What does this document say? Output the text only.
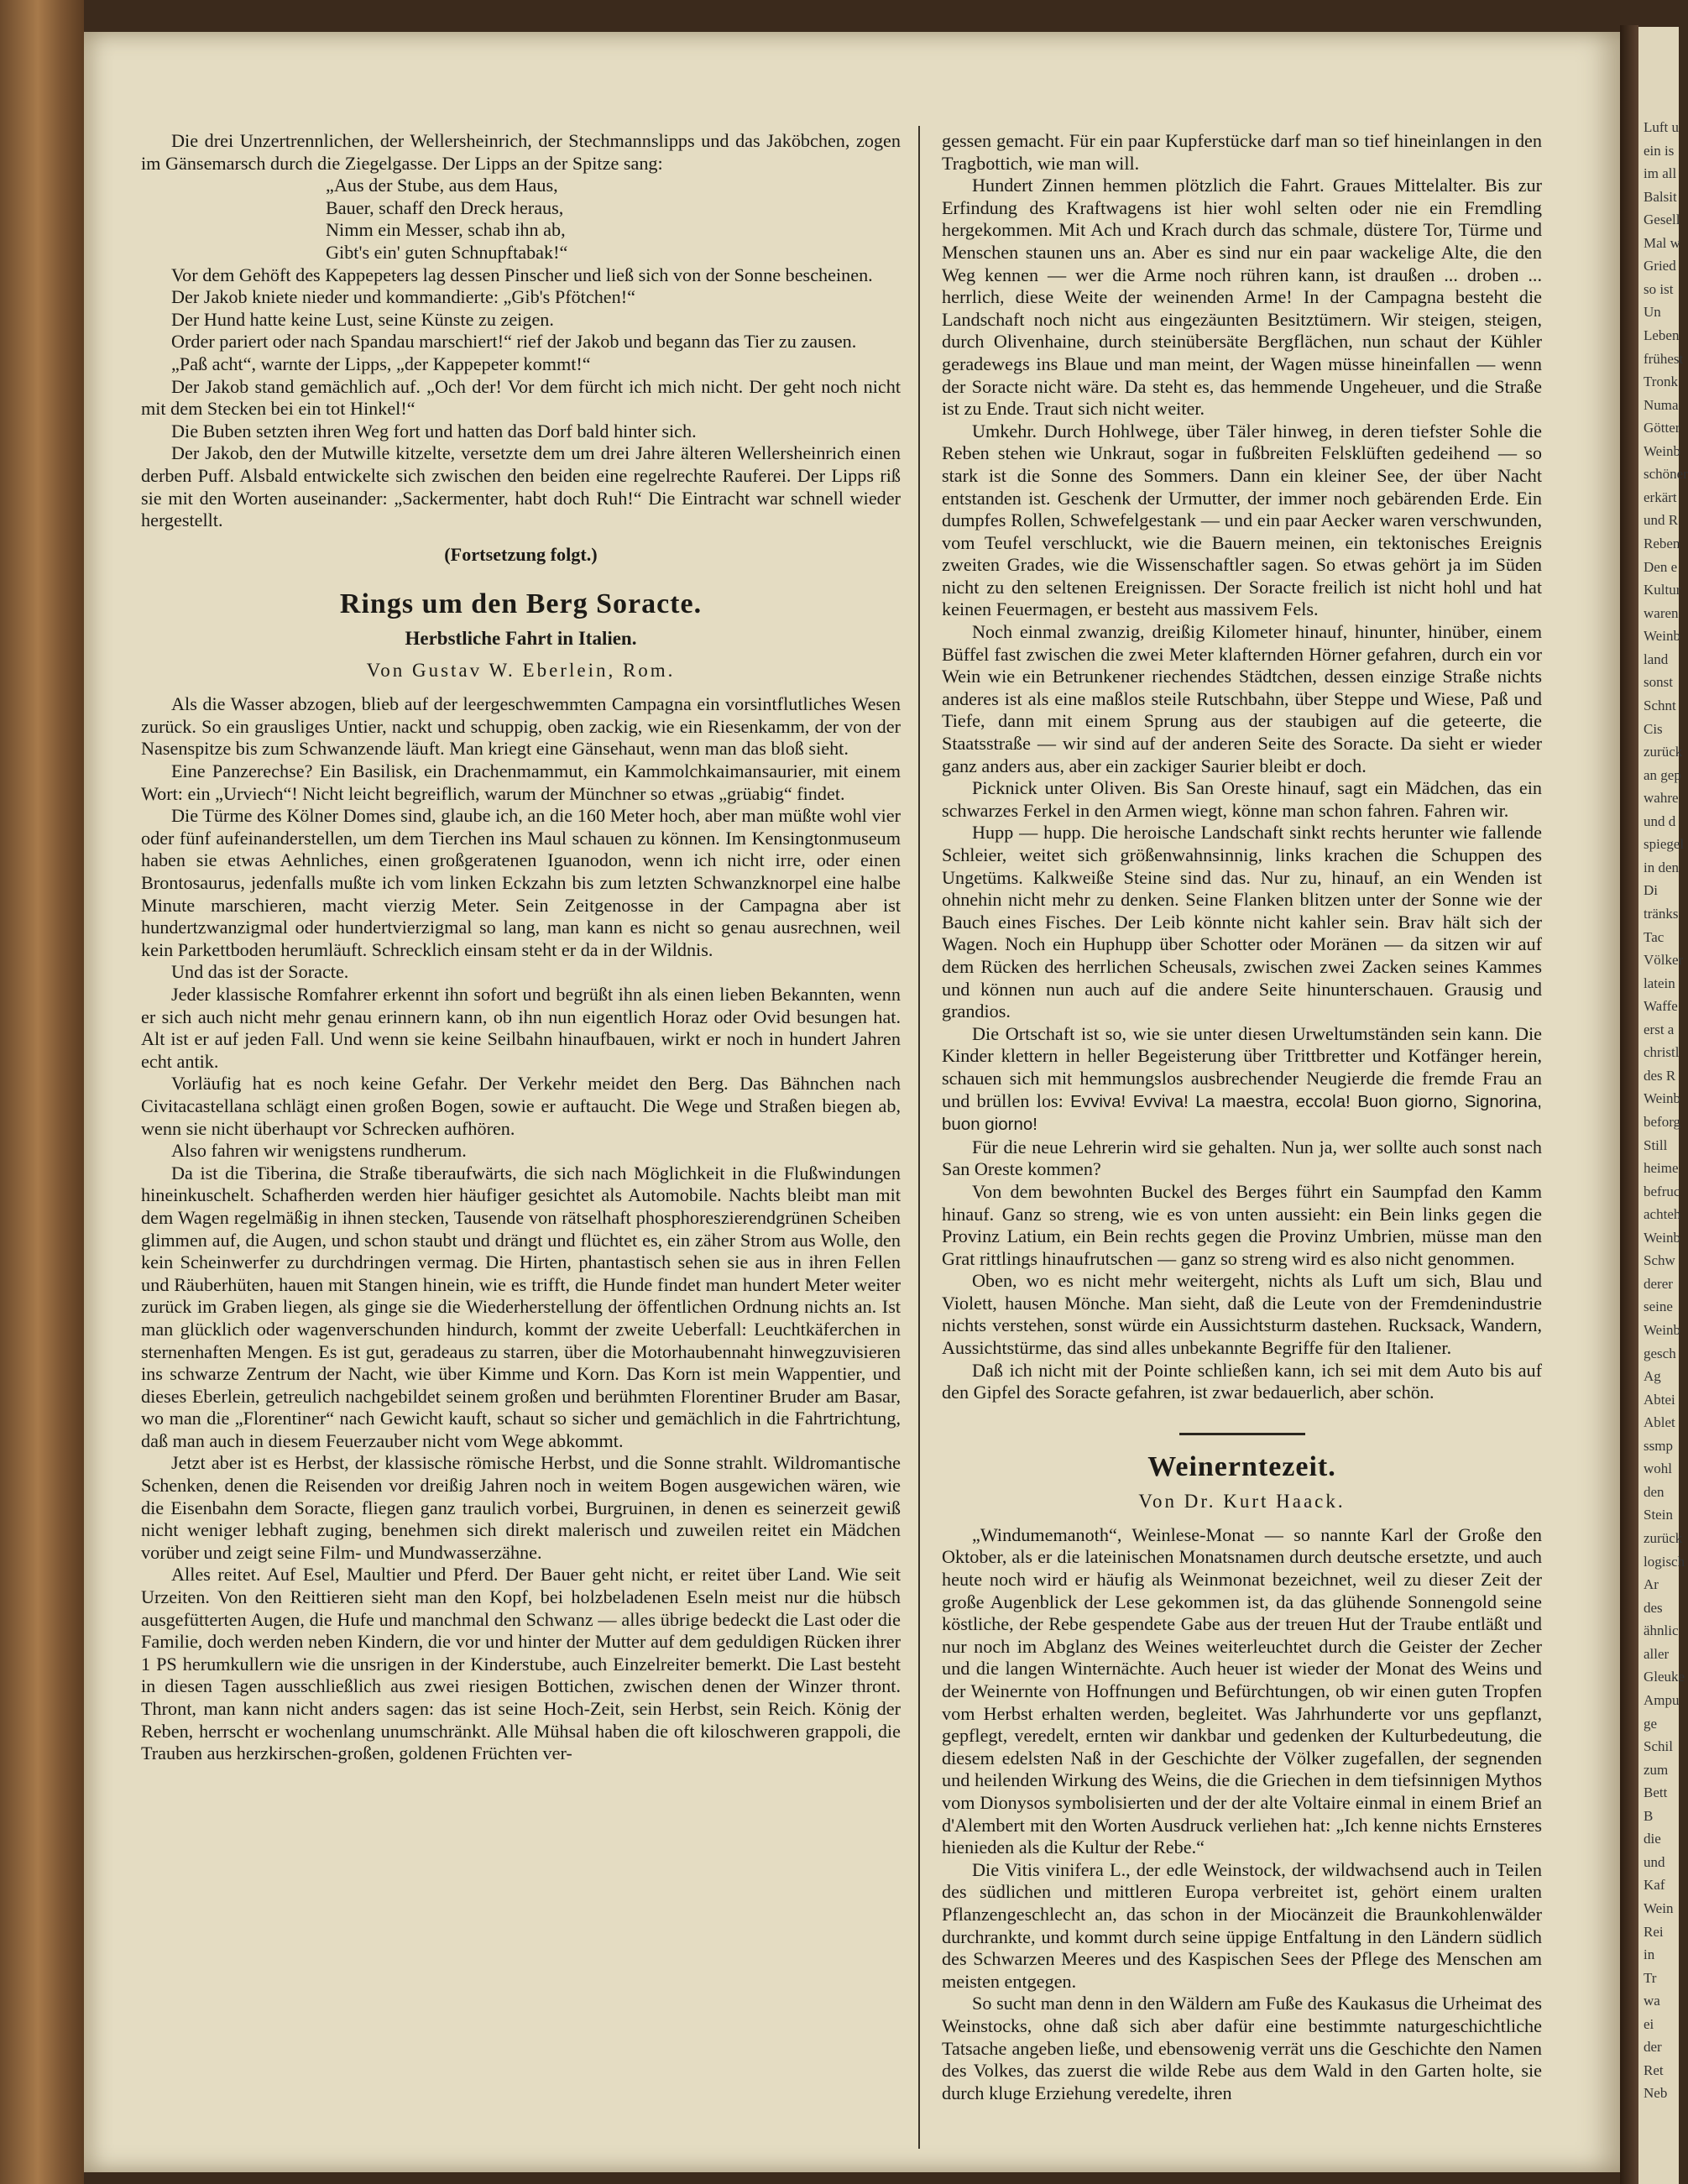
Luft u
ein is
im all
Balsit
Gesell
Mal w
Gried
so ist
Un
Leben
frühest
Tronk
Numa
Götter
Weinb
schöner
erkärt
und R
Reben
Den e
Kultur
waren
Weinb
land
sonst
Schnt
Cis
zurück
an gep
wahre
und d
spiegel
in den
Di
tränks
Tac
Völker
latein
Waffe
erst a
christl
des R
Weinb
beforg
Still
heime
befruc
achteh
Weinb
Schw
derer
seine
Weinb
gesch
Ag
Abtei
Ablet
ssmp
wohl
den
Stein
zurück
logisch
Ar
des
ähnlic
aller
Gleuke
Ampu
ge
Schil
zum
Bett
B
die
und
Kaf
Wein
Rei
in
Tr
wa
ei
der
Ret
Neb

Die drei Unzertrennlichen, der Wellersheinrich, der Stechmannslipps und das Jaköbchen, zogen im Gänsemarsch durch die Ziegelgasse. Der Lipps an der Spitze sang:

„Aus der Stube, aus dem Haus,
Bauer, schaff den Dreck heraus,
Nimm ein Messer, schab ihn ab,
Gibt's ein' guten Schnupftabak!“

Vor dem Gehöft des Kappepeters lag dessen Pinscher und ließ sich von der Sonne bescheinen.

Der Jakob kniete nieder und kommandierte: „Gib's Pfötchen!“

Der Hund hatte keine Lust, seine Künste zu zeigen.

Order pariert oder nach Spandau marschiert!“ rief der Jakob und begann das Tier zu zausen.

„Paß acht“, warnte der Lipps, „der Kappepeter kommt!“

Der Jakob stand gemächlich auf. „Och der! Vor dem fürcht ich mich nicht. Der geht noch nicht mit dem Stecken bei ein tot Hinkel!“

Die Buben setzten ihren Weg fort und hatten das Dorf bald hinter sich.

Der Jakob, den der Mutwille kitzelte, versetzte dem um drei Jahre älteren Wellersheinrich einen derben Puff. Alsbald entwickelte sich zwischen den beiden eine regelrechte Rauferei. Der Lipps riß sie mit den Worten auseinander: „Sackermenter, habt doch Ruh!“ Die Eintracht war schnell wieder hergestellt.

(Fortsetzung folgt.)
Rings um den Berg Soracte.
Herbstliche Fahrt in Italien.
Von Gustav W. Eberlein, Rom.

Als die Wasser abzogen, blieb auf der leergeschwemmten Campagna ein vorsintflutliches Wesen zurück. So ein grausliges Untier, nackt und schuppig, oben zackig, wie ein Riesenkamm, der von der Nasenspitze bis zum Schwanzende läuft. Man kriegt eine Gänsehaut, wenn man das bloß sieht.

Eine Panzerechse? Ein Basilisk, ein Drachenmammut, ein Kammolchkaimansaurier, mit einem Wort: ein „Urviech“! Nicht leicht begreiflich, warum der Münchner so etwas „grüabig“ findet.

Die Türme des Kölner Domes sind, glaube ich, an die 160 Meter hoch, aber man müßte wohl vier oder fünf aufeinanderstellen, um dem Tierchen ins Maul schauen zu können. Im Kensingtonmuseum haben sie etwas Aehnliches, einen großgeratenen Iguanodon, wenn ich nicht irre, oder einen Brontosaurus, jedenfalls mußte ich vom linken Eckzahn bis zum letzten Schwanzknorpel eine halbe Minute marschieren, macht vierzig Meter. Sein Zeitgenosse in der Campagna aber ist hundertzwanzigmal oder hundertvierzigmal so lang, man kann es nicht so genau ausrechnen, weil kein Parkettboden herumläuft. Schrecklich einsam steht er da in der Wildnis.

Und das ist der Soracte.

Jeder klassische Romfahrer erkennt ihn sofort und begrüßt ihn als einen lieben Bekannten, wenn er sich auch nicht mehr genau erinnern kann, ob ihn nun eigentlich Horaz oder Ovid besungen hat. Alt ist er auf jeden Fall. Und wenn sie keine Seilbahn hinaufbauen, wirkt er noch in hundert Jahren echt antik.

Vorläufig hat es noch keine Gefahr. Der Verkehr meidet den Berg. Das Bähnchen nach Civitacastellana schlägt einen großen Bogen, sowie er auftaucht. Die Wege und Straßen biegen ab, wenn sie nicht überhaupt vor Schrecken aufhören.

Also fahren wir wenigstens rundherum.

Da ist die Tiberina, die Straße tiberaufwärts, die sich nach Möglichkeit in die Flußwindungen hineinkuschelt. Schafherden werden hier häufiger gesichtet als Automobile. Nachts bleibt man mit dem Wagen regelmäßig in ihnen stecken, Tausende von rätselhaft phosphoreszierendgrünen Scheiben glimmen auf, die Augen, und schon staubt und drängt und flüchtet es, ein zäher Strom aus Wolle, den kein Scheinwerfer zu durchdringen vermag. Die Hirten, phantastisch sehen sie aus in ihren Fellen und Räuberhüten, hauen mit Stangen hinein, wie es trifft, die Hunde findet man hundert Meter weiter zurück im Graben liegen, als ginge sie die Wiederherstellung der öffentlichen Ordnung nichts an. Ist man glücklich oder wagenverschunden hindurch, kommt der zweite Ueberfall: Leuchtkäferchen in sternenhaften Mengen. Es ist gut, geradeaus zu starren, über die Motorhaubennaht hinwegzuvisieren ins schwarze Zentrum der Nacht, wie über Kimme und Korn. Das Korn ist mein Wappentier, und dieses Eberlein, getreulich nachgebildet seinem großen und berühmten Florentiner Bruder am Basar, wo man die „Florentiner“ nach Gewicht kauft, schaut so sicher und gemächlich in die Fahrtrichtung, daß man auch in diesem Feuerzauber nicht vom Wege abkommt.

Jetzt aber ist es Herbst, der klassische römische Herbst, und die Sonne strahlt. Wildromantische Schenken, denen die Reisenden vor dreißig Jahren noch in weitem Bogen ausgewichen wären, wie die Eisenbahn dem Soracte, fliegen ganz traulich vorbei, Burgruinen, in denen es seinerzeit gewiß nicht weniger lebhaft zuging, benehmen sich direkt malerisch und zuweilen reitet ein Mädchen vorüber und zeigt seine Film- und Mundwasserzähne.

Alles reitet. Auf Esel, Maultier und Pferd. Der Bauer geht nicht, er reitet über Land. Wie seit Urzeiten. Von den Reittieren sieht man den Kopf, bei holzbeladenen Eseln meist nur die hübsch ausgefütterten Augen, die Hufe und manchmal den Schwanz — alles übrige bedeckt die Last oder die Familie, doch werden neben Kindern, die vor und hinter der Mutter auf dem geduldigen Rücken ihrer 1 PS herumkullern wie die unsrigen in der Kinderstube, auch Einzelreiter bemerkt. Die Last besteht in diesen Tagen ausschließlich aus zwei riesigen Bottichen, zwischen denen der Winzer thront. Thront, man kann nicht anders sagen: das ist seine Hoch-Zeit, sein Herbst, sein Reich. König der Reben, herrscht er wochenlang unumschränkt. Alle Mühsal haben die oft kiloschweren grappoli, die Trauben aus herzkirschen-großen, goldenen Früchten ver-

gessen gemacht. Für ein paar Kupferstücke darf man so tief hineinlangen in den Tragbottich, wie man will.

Hundert Zinnen hemmen plötzlich die Fahrt. Graues Mittelalter. Bis zur Erfindung des Kraftwagens ist hier wohl selten oder nie ein Fremdling hergekommen. Mit Ach und Krach durch das schmale, düstere Tor, Türme und Menschen staunen uns an. Aber es sind nur ein paar wackelige Alte, die den Weg kennen — wer die Arme noch rühren kann, ist draußen ... droben ... herrlich, diese Weite der weinenden Arme! In der Campagna besteht die Landschaft noch nicht aus eingezäunten Besitztümern. Wir steigen, steigen, durch Olivenhaine, durch steinübersäte Bergflächen, nun schaut der Kühler geradewegs ins Blaue und man meint, der Wagen müsse hineinfallen — wenn der Soracte nicht wäre. Da steht es, das hemmende Ungeheuer, und die Straße ist zu Ende. Traut sich nicht weiter.

Umkehr. Durch Hohlwege, über Täler hinweg, in deren tiefster Sohle die Reben stehen wie Unkraut, sogar in fußbreiten Felsklüften gedeihend — so stark ist die Sonne des Sommers. Dann ein kleiner See, der über Nacht entstanden ist. Geschenk der Urmutter, der immer noch gebärenden Erde. Ein dumpfes Rollen, Schwefelgestank — und ein paar Aecker waren verschwunden, vom Teufel verschluckt, wie die Bauern meinen, ein tektonisches Ereignis zweiten Grades, wie die Wissenschaftler sagen. So etwas gehört ja im Süden nicht zu den seltenen Ereignissen. Der Soracte freilich ist nicht hohl und hat keinen Feuermagen, er besteht aus massivem Fels.

Noch einmal zwanzig, dreißig Kilometer hinauf, hinunter, hinüber, einem Büffel fast zwischen die zwei Meter klafternden Hörner gefahren, durch ein vor Wein wie ein Betrunkener riechendes Städtchen, dessen einzige Straße nichts anderes ist als eine maßlos steile Rutschbahn, über Steppe und Wiese, Paß und Tiefe, dann mit einem Sprung aus der staubigen auf die geteerte, die Staatsstraße — wir sind auf der anderen Seite des Soracte. Da sieht er wieder ganz anders aus, aber ein zackiger Saurier bleibt er doch.

Picknick unter Oliven. Bis San Oreste hinauf, sagt ein Mädchen, das ein schwarzes Ferkel in den Armen wiegt, könne man schon fahren. Fahren wir.

Hupp — hupp. Die heroische Landschaft sinkt rechts herunter wie fallende Schleier, weitet sich größenwahnsinnig, links krachen die Schuppen des Ungetüms. Kalkweiße Steine sind das. Nur zu, hinauf, an ein Wenden ist ohnehin nicht mehr zu denken. Seine Flanken blitzen unter der Sonne wie der Bauch eines Fisches. Der Leib könnte nicht kahler sein. Brav hält sich der Wagen. Noch ein Huphupp über Schotter oder Moränen — da sitzen wir auf dem Rücken des herrlichen Scheusals, zwischen zwei Zacken seines Kammes und können nun auch auf die andere Seite hinunterschauen. Grausig und grandios.

Die Ortschaft ist so, wie sie unter diesen Urweltumständen sein kann. Die Kinder klettern in heller Begeisterung über Trittbretter und Kotfänger herein, schauen sich mit hemmungslos ausbrechender Neugierde die fremde Frau an und brüllen los: Evviva! Evviva! La maestra, eccola! Buon giorno, Signorina, buon giorno!

Für die neue Lehrerin wird sie gehalten. Nun ja, wer sollte auch sonst nach San Oreste kommen?

Von dem bewohnten Buckel des Berges führt ein Saumpfad den Kamm hinauf. Ganz so streng, wie es von unten aussieht: ein Bein links gegen die Provinz Latium, ein Bein rechts gegen die Provinz Umbrien, müsse man den Grat rittlings hinaufrutschen — ganz so streng wird es also nicht genommen.

Oben, wo es nicht mehr weitergeht, nichts als Luft um sich, Blau und Violett, hausen Mönche. Man sieht, daß die Leute von der Fremdenindustrie nichts verstehen, sonst würde ein Aussichtsturm dastehen. Rucksack, Wandern, Aussichtstürme, das sind alles unbekannte Begriffe für den Italiener.

Daß ich nicht mit der Pointe schließen kann, ich sei mit dem Auto bis auf den Gipfel des Soracte gefahren, ist zwar bedauerlich, aber schön.

Weinerntezeit.
Von Dr. Kurt Haack.

„Windumemanoth“, Weinlese-Monat — so nannte Karl der Große den Oktober, als er die lateinischen Monatsnamen durch deutsche ersetzte, und auch heute noch wird er häufig als Weinmonat bezeichnet, weil zu dieser Zeit der große Augenblick der Lese gekommen ist, da das glühende Sonnengold seine köstliche, der Rebe gespendete Gabe aus der treuen Hut der Traube entläßt und nur noch im Abglanz des Weines weiterleuchtet durch die Geister der Zecher und die langen Winternächte. Auch heuer ist wieder der Monat des Weins und der Weinernte von Hoffnungen und Befürchtungen, ob wir einen guten Tropfen vom Herbst erhalten werden, begleitet. Was Jahrhunderte vor uns gepflanzt, gepflegt, veredelt, ernten wir dankbar und gedenken der Kulturbedeutung, die diesem edelsten Naß in der Geschichte der Völker zugefallen, der segnenden und heilenden Wirkung des Weins, die die Griechen in dem tiefsinnigen Mythos vom Dionysos symbolisierten und der der alte Voltaire einmal in einem Brief an d'Alembert mit den Worten Ausdruck verliehen hat: „Ich kenne nichts Ernsteres hienieden als die Kultur der Rebe.“

Die Vitis vinifera L., der edle Weinstock, der wildwachsend auch in Teilen des südlichen und mittleren Europa verbreitet ist, gehört einem uralten Pflanzengeschlecht an, das schon in der Miocänzeit die Braunkohlenwälder durchrankte, und kommt durch seine üppige Entfaltung in den Ländern südlich des Schwarzen Meeres und des Kaspischen Sees der Pflege des Menschen am meisten entgegen.

So sucht man denn in den Wäldern am Fuße des Kaukasus die Urheimat des Weinstocks, ohne daß sich aber dafür eine bestimmte naturgeschichtliche Tatsache angeben ließe, und ebensowenig verrät uns die Geschichte den Namen des Volkes, das zuerst die wilde Rebe aus dem Wald in den Garten holte, sie durch kluge Erziehung veredelte, ihren
